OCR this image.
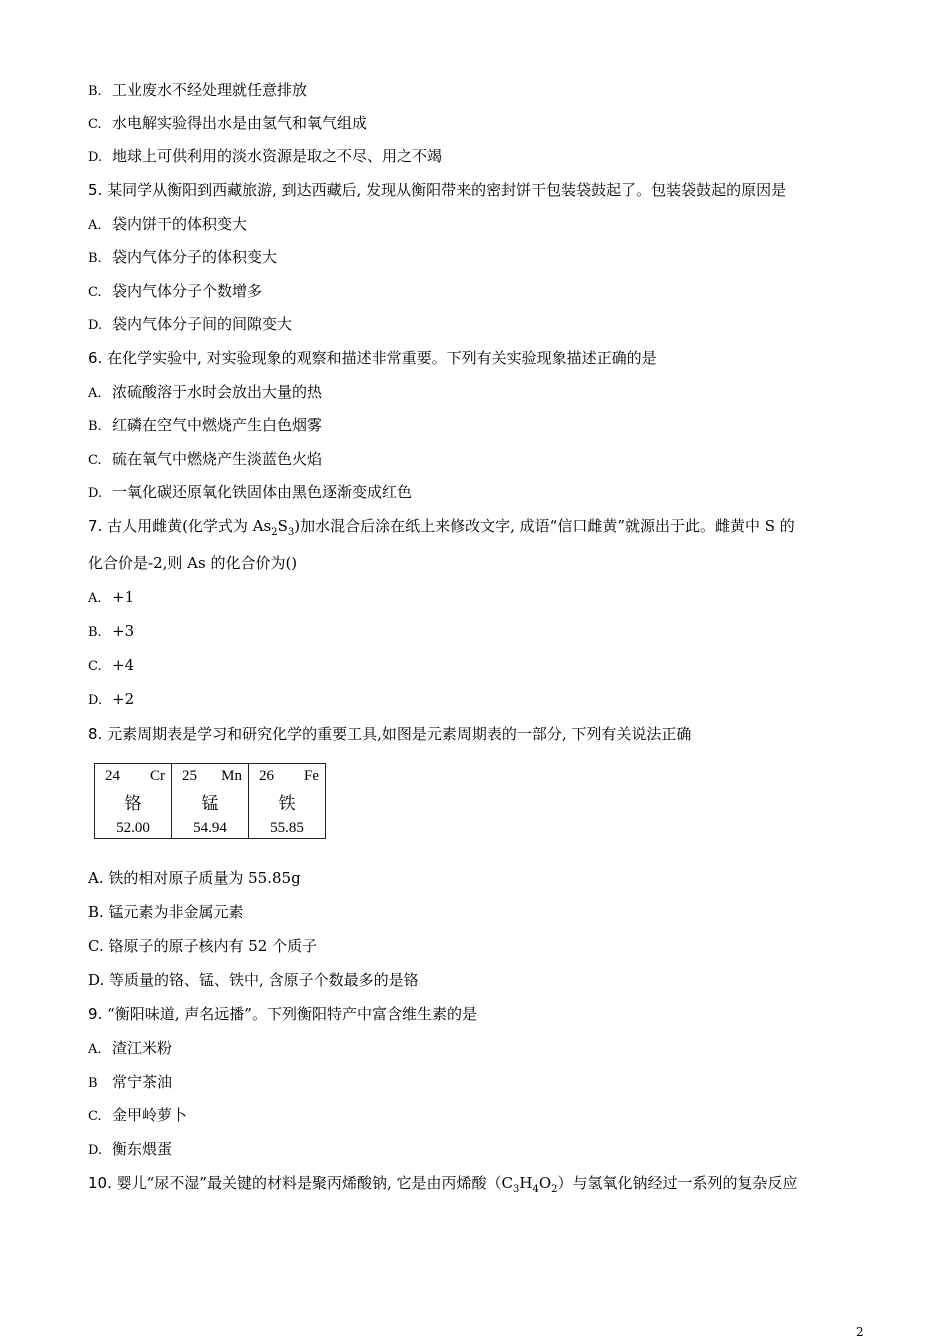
B. 工业废水不经处理就任意排放
C. 水电解实验得出水是由氢气和氧气组成
D. 地球上可供利用的淡水资源是取之不尽、用之不竭
5. 某同学从衡阳到西藏旅游, 到达西藏后, 发现从衡阳带来的密封饼干包装袋鼓起了。包装袋鼓起的原因是
A. 袋内饼干的体积变大
B. 袋内气体分子的体积变大
C. 袋内气体分子个数增多
D. 袋内气体分子间的间隙变大
6. 在化学实验中, 对实验现象的观察和描述非常重要。下列有关实验现象描述正确的是
A. 浓硫酸溶于水时会放出大量的热
B. 红磷在空气中燃烧产生白色烟雾
C. 硫在氧气中燃烧产生淡蓝色火焰
D. 一氧化碳还原氧化铁固体由黑色逐渐变成红色
7. 古人用雌黄(化学式为 $As_2S_3$)加水混合后涂在纸上来修改文字, 成语“信口雌黄”就源出于此。雌黄中 S 的
化合价是-2,则 As 的化合价为()
A. +1
B. +3
C. +4
D. +2
8. 元素周期表是学习和研究化学的重要工具,如图是元素周期表的一部分, 下列有关说法正确
24 Cr
铬
52.00

25 Mn
锰
54.94

26 Fe
铁
55.85
A. 铁的相对原子质量为 55.85g
B. 锰元素为非金属元素
C. 铬原子的原子核内有 52 个质子
D. 等质量的铬、锰、铁中, 含原子个数最多的是铬
9. “衡阳味道, 声名远播”。下列衡阳特产中富含维生素的是
A. 渣江米粉
B 常宁茶油
C. 金甲岭萝卜
D. 衡东煨蛋
10. 婴儿“尿不湿”最关键的材料是聚丙烯酸钠, 它是由丙烯酸$(C_3H_4O_2)$与氢氧化钠经过一系列的复杂反应
2
